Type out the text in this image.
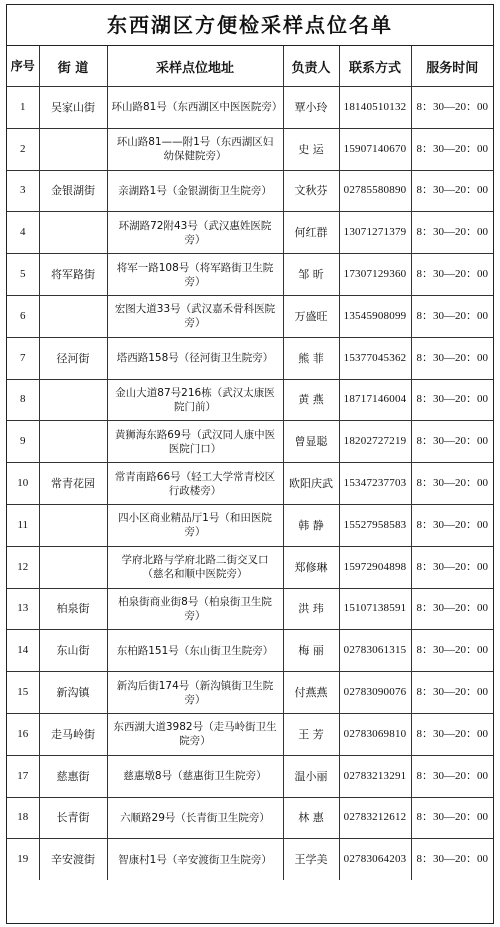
东西湖区方便检采样点位名单
序号	街 道	采样点位地址	负责人	联系方式	服务时间
1	吴家山街	环山路81号（东西湖区中医医院旁）	覃小玲	18140510132	8：30—20：00
2		环山路81——附1号（东西湖区妇幼保健院旁）	史 运	15907140670	8：30—20：00
3	金银湖街	亲湖路1号（金银湖街卫生院旁）	文秋芬	02785580890	8：30—20：00
4		环湖路72附43号（武汉惠姓医院旁）	何红群	13071271379	8：30—20：00
5	将军路街	将军一路108号（将军路街卫生院旁）	邹 昕	17307129360	8：30—20：00
6		宏图大道33号（武汉嘉禾骨科医院旁）	万盛旺	13545908099	8：30—20：00
7	径河街	塔西路158号（径河街卫生院旁）	熊 菲	15377045362	8：30—20：00
8		金山大道87号216栋（武汉太康医院门前）	黄 燕	18717146004	8：30—20：00
9		黄狮海东路69号（武汉同人康中医医院门口）	曾显聪	18202727219	8：30—20：00
10	常青花园	常青南路66号（轻工大学常青校区行政楼旁）	欧阳庆武	15347237703	8：30—20：00
11		四小区商业精品厅1号（和田医院旁）	韩 静	15527958583	8：30—20：00
12		学府北路与学府北路二街交叉口（慈名和顺中医院旁）	郑修琳	15972904898	8：30—20：00
13	柏泉街	柏泉街商业街8号（柏泉街卫生院旁）	洪 玮	15107138591	8：30—20：00
14	东山街	东柏路151号（东山街卫生院旁）	梅 丽	02783061315	8：30—20：00
15	新沟镇	新沟后街174号（新沟镇街卫生院旁）	付燕燕	02783090076	8：30—20：00
16	走马岭街	东西湖大道3982号（走马岭街卫生院旁）	王 芳	02783069810	8：30—20：00
17	慈惠街	慈惠墩8号（慈惠街卫生院旁）	温小丽	02783213291	8：30—20：00
18	长青街	六顺路29号（长青街卫生院旁）	林 惠	02783212612	8：30—20：00
19	辛安渡街	智康村1号（辛安渡街卫生院旁）	王学美	02783064203	8：30—20：00
